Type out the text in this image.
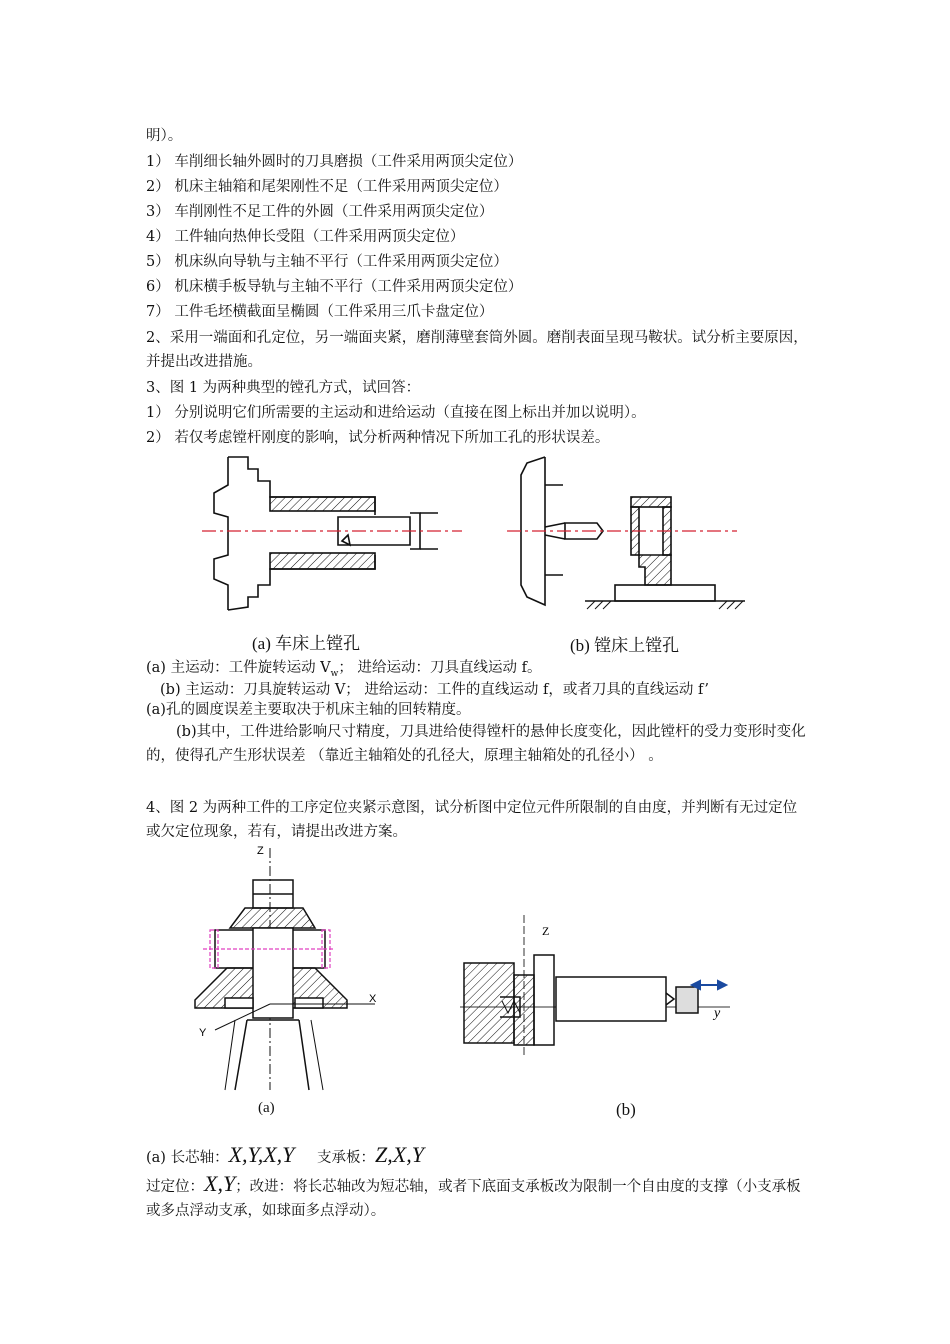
明）。
1） 车削细长轴外圆时的刀具磨损（工件采用两顶尖定位）
2） 机床主轴箱和尾架刚性不足（工件采用两顶尖定位）
3） 车削刚性不足工件的外圆（工件采用两顶尖定位）
4） 工件轴向热伸长受阻（工件采用两顶尖定位）
5） 机床纵向导轨与主轴不平行（工件采用两顶尖定位）
6） 机床横手板导轨与主轴不平行（工件采用两顶尖定位）
7） 工件毛坯横截面呈椭圆（工件采用三爪卡盘定位）
2、采用一端面和孔定位，另一端面夹紧，磨削薄壁套筒外圆。磨削表面呈现马鞍状。试分析主要原因，并提出改进措施。
3、图 1 为两种典型的镗孔方式，试回答：
1） 分别说明它们所需要的主运动和进给运动（直接在图上标出并加以说明）。
2） 若仅考虑镗杆刚度的影响，试分析两种情况下所加工孔的形状误差。
(a) 车床上镗孔	(b) 镗床上镗孔
(a) 主运动：工件旋转运动 $V_w$； 进给运动：刀具直线运动 f。
(b) 主运动：刀具旋转运动 V； 进给运动：工件的直线运动 f，或者刀具的直线运动 f’
(a)孔的圆度误差主要取决于机床主轴的回转精度。
(b)其中，工件进给影响尺寸精度，刀具进给使得镗杆的悬伸长度变化，因此镗杆的受力变形时变化的，使得孔产生形状误差 （靠近主轴箱处的孔径大，原理主轴箱处的孔径小） 。
4、图 2 为两种工件的工序定位夹紧示意图，试分析图中定位元件所限制的自由度，并判断有无过定位或欠定位现象，若有，请提出改进方案。
Z
X
Y
(a)
Z
y
(b)
(a) 长芯轴：X,Y,X,Y 支承板：Z,X,Y
过定位：X,Y；改进：将长芯轴改为短芯轴，或者下底面支承板改为限制一个自由度的支撑（小支承板或多点浮动支承，如球面多点浮动）。
